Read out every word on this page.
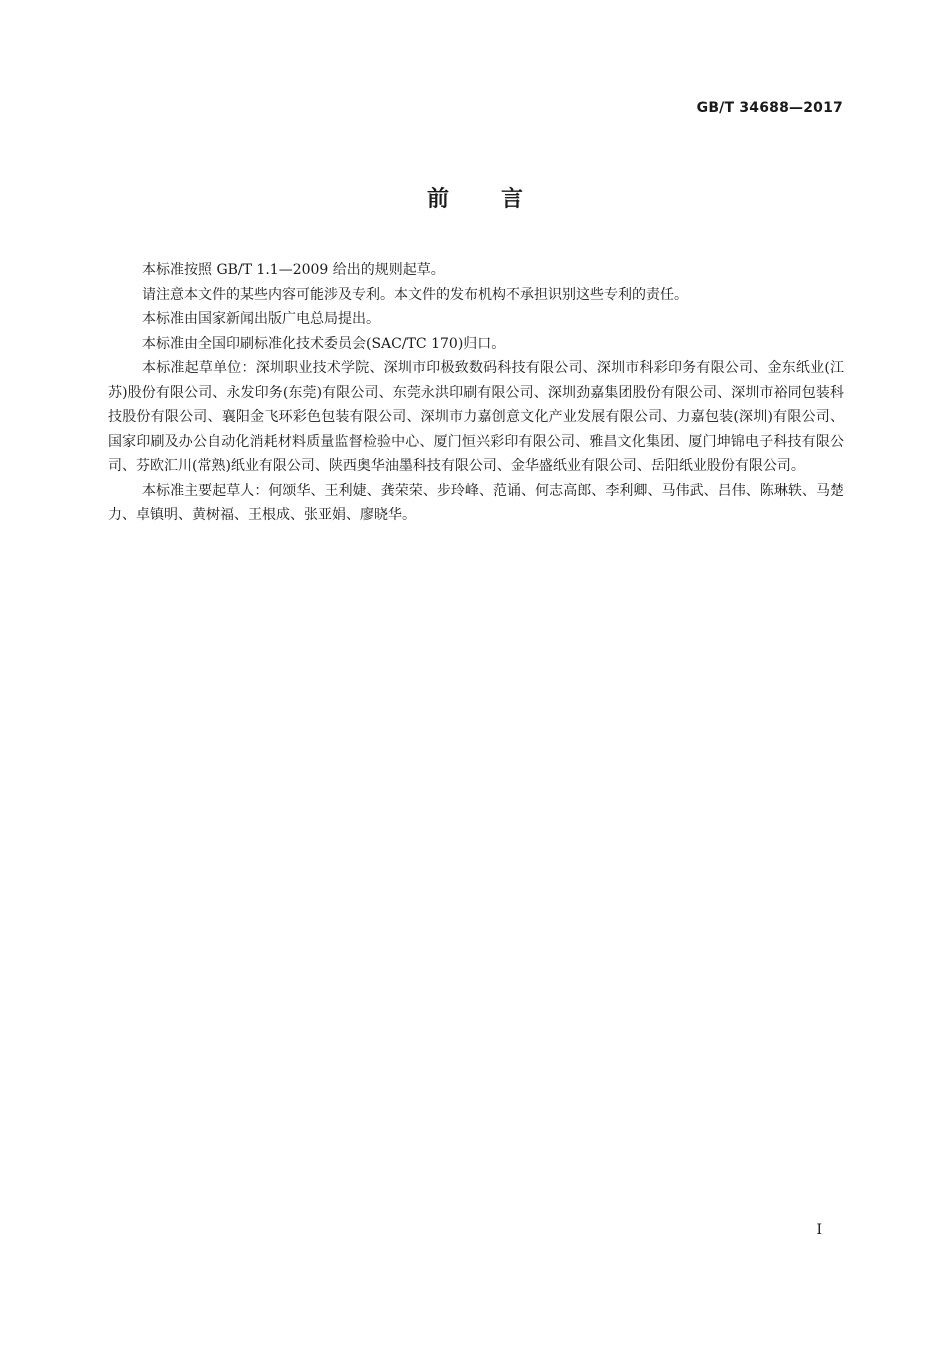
GB/T 34688—2017
前言

本标准按照 GB/T 1.1—2009 给出的规则起草。

请注意本文件的某些内容可能涉及专利。本文件的发布机构不承担识别这些专利的责任。

本标准由国家新闻出版广电总局提出。

本标准由全国印刷标准化技术委员会(SAC/TC 170)归口。

本标准起草单位：深圳职业技术学院、深圳市印极致数码科技有限公司、深圳市科彩印务有限公司、金东纸业(江苏)股份有限公司、永发印务(东莞)有限公司、东莞永洪印刷有限公司、深圳劲嘉集团股份有限公司、深圳市裕同包装科技股份有限公司、襄阳金飞环彩色包装有限公司、深圳市力嘉创意文化产业发展有限公司、力嘉包装(深圳)有限公司、国家印刷及办公自动化消耗材料质量监督检验中心、厦门恒兴彩印有限公司、雅昌文化集团、厦门坤锦电子科技有限公司、芬欧汇川(常熟)纸业有限公司、陕西奥华油墨科技有限公司、金华盛纸业有限公司、岳阳纸业股份有限公司。

本标准主要起草人：何颂华、王利婕、龚荣荣、步玲峰、范诵、何志高郎、李利卿、马伟武、吕伟、陈琳轶、马楚力、卓镇明、黄树福、王根成、张亚娟、廖晓华。

I
